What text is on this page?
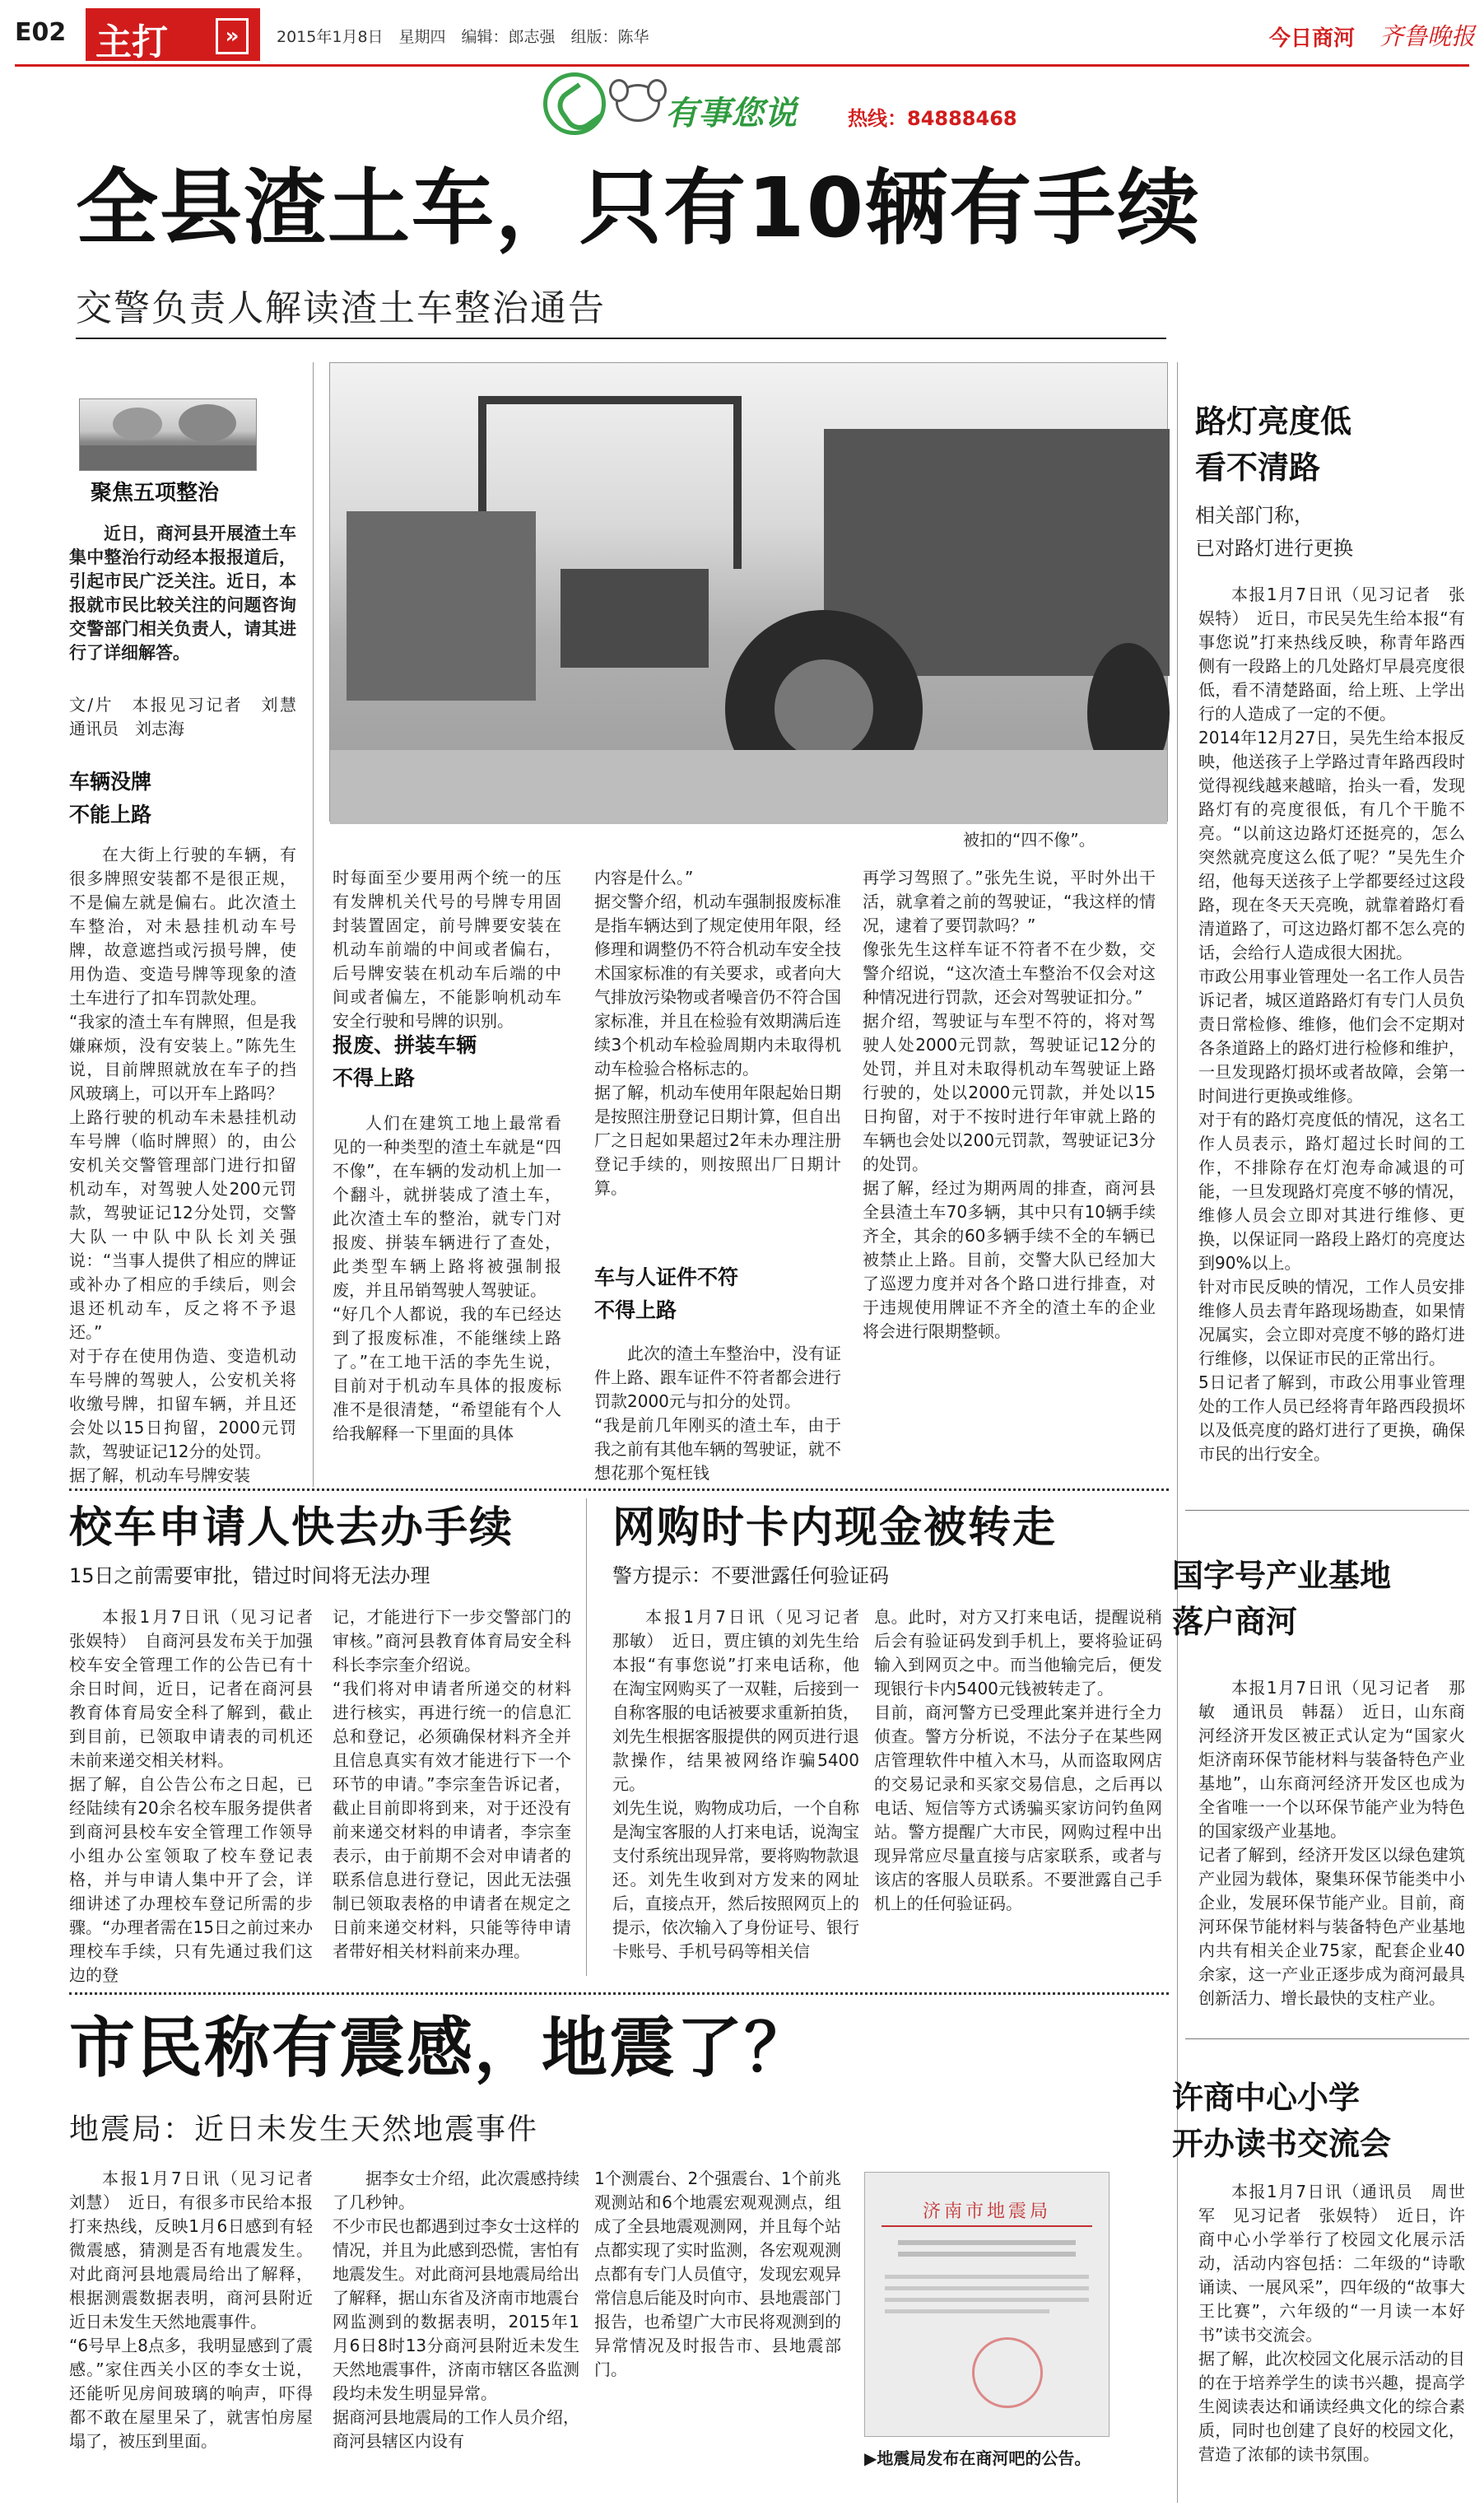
E02 主打	»	2015年1月8日　星期四　编辑：郎志强　组版：陈华	今日商河 齐鲁晚报
有事您说	热线：84888468
全县渣土车，只有10辆有手续
交警负责人解读渣土车整治通告
聚焦五项整治
近日，商河县开展渣土车集中整治行动经本报报道后，引起市民广泛关注。近日，本报就市民比较关注的问题咨询交警部门相关负责人，请其进行了详细解答。
文/片　本报见习记者　刘慧　通讯员　刘志海
被扣的“四不像”。
车辆没牌
不能上路
在大街上行驶的车辆，有很多牌照安装都不是很正规，不是偏左就是偏右。此次渣土车整治，对未悬挂机动车号牌，故意遮挡或污损号牌，使用伪造、变造号牌等现象的渣土车进行了扣车罚款处理。
“我家的渣土车有牌照，但是我嫌麻烦，没有安装上。”陈先生说，目前牌照就放在车子的挡风玻璃上，可以开车上路吗？
上路行驶的机动车未悬挂机动车号牌（临时牌照）的，由公安机关交警管理部门进行扣留机动车，对驾驶人处200元罚款，驾驶证记12分处罚，交警大队一中队中队长刘关强说：“当事人提供了相应的牌证或补办了相应的手续后，则会退还机动车，反之将不予退还。”
对于存在使用伪造、变造机动车号牌的驾驶人，公安机关将收缴号牌，扣留车辆，并且还会处以15日拘留，2000元罚款，驾驶证记12分的处罚。
据了解，机动车号牌安装
时每面至少要用两个统一的压有发牌机关代号的号牌专用固封装置固定，前号牌要安装在机动车前端的中间或者偏右，后号牌安装在机动车后端的中间或者偏左，不能影响机动车安全行驶和号牌的识别。
报废、拼装车辆
不得上路
人们在建筑工地上最常看见的一种类型的渣土车就是“四不像”，在车辆的发动机上加一个翻斗，就拼装成了渣土车，此次渣土车的整治，就专门对报废、拼装车辆进行了查处，此类型车辆上路将被强制报废，并且吊销驾驶人驾驶证。
“好几个人都说，我的车已经达到了报废标准，不能继续上路了。”在工地干活的李先生说，目前对于机动车具体的报废标准不是很清楚，“希望能有个人给我解释一下里面的具体
内容是什么。”
据交警介绍，机动车强制报废标准是指车辆达到了规定使用年限，经修理和调整仍不符合机动车安全技术国家标准的有关要求，或者向大气排放污染物或者噪音仍不符合国家标准，并且在检验有效期满后连续3个机动车检验周期内未取得机动车检验合格标志的。
据了解，机动车使用年限起始日期是按照注册登记日期计算，但自出厂之日起如果超过2年未办理注册登记手续的，则按照出厂日期计算。
车与人证件不符
不得上路
此次的渣土车整治中，没有证件上路、跟车证件不符者都会进行罚款2000元与扣分的处罚。
“我是前几年刚买的渣土车，由于我之前有其他车辆的驾驶证，就不想花那个冤枉钱
再学习驾照了。”张先生说，平时外出干活，就拿着之前的驾驶证，“我这样的情况，逮着了要罚款吗？”
像张先生这样车证不符者不在少数，交警介绍说，“这次渣土车整治不仅会对这种情况进行罚款，还会对驾驶证扣分。”
据介绍，驾驶证与车型不符的，将对驾驶人处2000元罚款，驾驶证记12分的处罚，并且对未取得机动车驾驶证上路行驶的，处以2000元罚款，并处以15日拘留，对于不按时进行年审就上路的车辆也会处以200元罚款，驾驶证记3分的处罚。
据了解，经过为期两周的排查，商河县全县渣土车70多辆，其中只有10辆手续齐全，其余的60多辆手续不全的车辆已被禁止上路。目前，交警大队已经加大了巡逻力度并对各个路口进行排查，对于违规使用牌证不齐全的渣土车的企业将会进行限期整顿。
路灯亮度低
看不清路
相关部门称，
已对路灯进行更换
本报1月7日讯（见习记者　张娱特）　近日，市民吴先生给本报“有事您说”打来热线反映，称青年路西侧有一段路上的几处路灯早晨亮度很低，看不清楚路面，给上班、上学出行的人造成了一定的不便。
2014年12月27日，吴先生给本报反映，他送孩子上学路过青年路西段时觉得视线越来越暗，抬头一看，发现路灯有的亮度很低，有几个干脆不亮。“以前这边路灯还挺亮的，怎么突然就亮度这么低了呢？”吴先生介绍，他每天送孩子上学都要经过这段路，现在冬天天亮晚，就靠着路灯看清道路了，可这边路灯都不怎么亮的话，会给行人造成很大困扰。
市政公用事业管理处一名工作人员告诉记者，城区道路路灯有专门人员负责日常检修、维修，他们会不定期对各条道路上的路灯进行检修和维护，一旦发现路灯损坏或者故障，会第一时间进行更换或维修。
对于有的路灯亮度低的情况，这名工作人员表示，路灯超过长时间的工作，不排除存在灯泡寿命减退的可能，一旦发现路灯亮度不够的情况，维修人员会立即对其进行维修、更换，以保证同一路段上路灯的亮度达到90%以上。
针对市民反映的情况，工作人员安排维修人员去青年路现场勘查，如果情况属实，会立即对亮度不够的路灯进行维修，以保证市民的正常出行。
5日记者了解到，市政公用事业管理处的工作人员已经将青年路西段损坏以及低亮度的路灯进行了更换，确保市民的出行安全。
国字号产业基地
落户商河
本报1月7日讯（见习记者　那敏　通讯员　韩磊）　近日，山东商河经济开发区被正式认定为“国家火炬济南环保节能材料与装备特色产业基地”，山东商河经济开发区也成为全省唯一一个以环保节能产业为特色的国家级产业基地。
记者了解到，经济开发区以绿色建筑产业园为载体，聚集环保节能类中小企业，发展环保节能产业。目前，商河环保节能材料与装备特色产业基地内共有相关企业75家，配套企业40余家，这一产业正逐步成为商河最具创新活力、增长最快的支柱产业。
许商中心小学
开办读书交流会
本报1月7日讯（通讯员　周世军　见习记者　张娱特）　近日，许商中心小学举行了校园文化展示活动，活动内容包括：二年级的“诗歌诵读、一展风采”，四年级的“故事大王比赛”，六年级的“一月读一本好书”读书交流会。
据了解，此次校园文化展示活动的目的在于培养学生的读书兴趣，提高学生阅读表达和诵读经典文化的综合素质，同时也创建了良好的校园文化，营造了浓郁的读书氛围。
校车申请人快去办手续
15日之前需要审批，错过时间将无法办理
本报1月7日讯（见习记者　张娱特）　自商河县发布关于加强校车安全管理工作的公告已有十余日时间，近日，记者在商河县教育体育局安全科了解到，截止到目前，已领取申请表的司机还未前来递交相关材料。
据了解，自公告公布之日起，已经陆续有20余名校车服务提供者到商河县校车安全管理工作领导小组办公室领取了校车登记表格，并与申请人集中开了会，详细讲述了办理校车登记所需的步骤。“办理者需在15日之前过来办理校车手续，只有先通过我们这边的登
记，才能进行下一步交警部门的审核。”商河县教育体育局安全科科长李宗奎介绍说。
“我们将对申请者所递交的材料进行核实，再进行统一的信息汇总和登记，必须确保材料齐全并且信息真实有效才能进行下一个环节的申请。”李宗奎告诉记者，截止目前即将到来，对于还没有前来递交材料的申请者，李宗奎表示，由于前期不会对申请者的联系信息进行登记，因此无法强制已领取表格的申请者在规定之日前来递交材料，只能等待申请者带好相关材料前来办理。
网购时卡内现金被转走
警方提示：不要泄露任何验证码
本报1月7日讯（见习记者　那敏）　近日，贾庄镇的刘先生给本报“有事您说”打来电话称，他在淘宝网购买了一双鞋，后接到一自称客服的电话被要求重新拍货，刘先生根据客服提供的网页进行退款操作，结果被网络诈骗5400元。
刘先生说，购物成功后，一个自称是淘宝客服的人打来电话，说淘宝支付系统出现异常，要将购物款退还。刘先生收到对方发来的网址后，直接点开，然后按照网页上的提示，依次输入了身份证号、银行卡账号、手机号码等相关信
息。此时，对方又打来电话，提醒说稍后会有验证码发到手机上，要将验证码输入到网页之中。而当他输完后，便发现银行卡内5400元钱被转走了。
目前，商河警方已受理此案并进行全力侦查。警方分析说，不法分子在某些网店管理软件中植入木马，从而盗取网店的交易记录和买家交易信息，之后再以电话、短信等方式诱骗买家访问钓鱼网站。警方提醒广大市民，网购过程中出现异常应尽量直接与店家联系，或者与该店的客服人员联系。不要泄露自己手机上的任何验证码。
市民称有震感，地震了？
地震局：近日未发生天然地震事件
本报1月7日讯（见习记者　刘慧）　近日，有很多市民给本报打来热线，反映1月6日感到有轻微震感，猜测是否有地震发生。对此商河县地震局给出了解释，根据测震数据表明，商河县附近近日未发生天然地震事件。
“6号早上8点多，我明显感到了震感。”家住西关小区的李女士说，还能听见房间玻璃的响声，吓得都不敢在屋里呆了，就害怕房屋塌了，被压到里面。
据李女士介绍，此次震感持续了几秒钟。
不少市民也都遇到过李女士这样的情况，并且为此感到恐慌，害怕有地震发生。对此商河县地震局给出了解释，据山东省及济南市地震台网监测到的数据表明，2015年1月6日8时13分商河县附近未发生天然地震事件，济南市辖区各监测段均未发生明显异常。
据商河县地震局的工作人员介绍，商河县辖区内设有
1个测震台、2个强震台、1个前兆观测站和6个地震宏观观测点，组成了全县地震观测网，并且每个站点都实现了实时监测，各宏观观测点都有专门人员值守，发现宏观异常信息后能及时向市、县地震部门报告，也希望广大市民将观测到的异常情况及时报告市、县地震部门。
济南市地震局
▶地震局发布在商河吧的公告。
